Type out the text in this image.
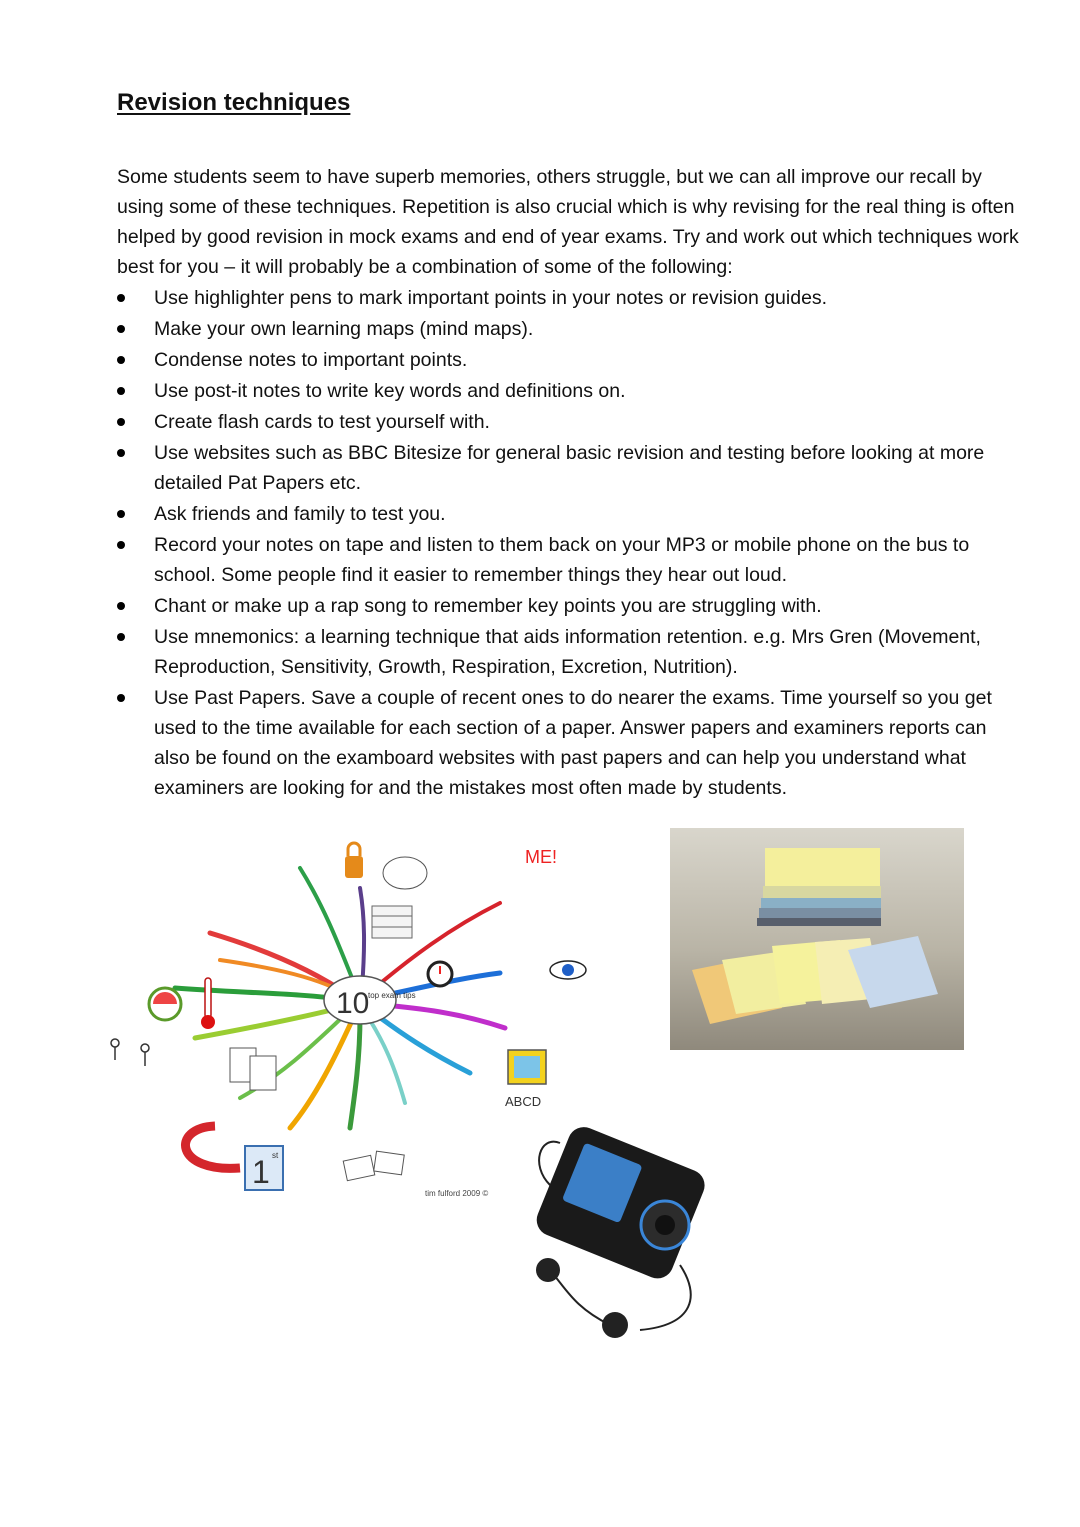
Revision techniques

Some students seem to have superb memories, others struggle, but we can all improve our recall by using some of these techniques. Repetition is also crucial which is why revising for the real thing is often helped by good revision in mock exams and end of year exams. Try and work out which techniques work best for you – it will probably be a combination of some of the following:

Use highlighter pens to mark important points in your notes or revision guides.
Make your own learning maps (mind maps).
Condense notes to important points.
Use post-it notes to write key words and definitions on.
Create flash cards to test yourself with.
Use websites such as BBC Bitesize for general basic revision and testing before looking at more detailed Pat Papers etc.
Ask friends and family to test you.
Record your notes on tape and listen to them back on your MP3 or mobile phone on the bus to school. Some people find it easier to remember things they hear out loud.
Chant or make up a rap song to remember key points you are struggling with.
Use mnemonics: a learning technique that aids information retention. e.g. Mrs Gren (Movement, Reproduction, Sensitivity, Growth, Respiration, Excretion, Nutrition).
Use Past Papers. Save a couple of recent ones to do nearer the exams. Time yourself so you get used to the time available for each section of a paper. Answer papers and examiners reports can also be found on the examboard websites with past papers and can help you understand what examiners are looking for and the mistakes most often made by students.
10
top exam tips
ME!
ABCD
1 st
tim fulford 2009 ©
